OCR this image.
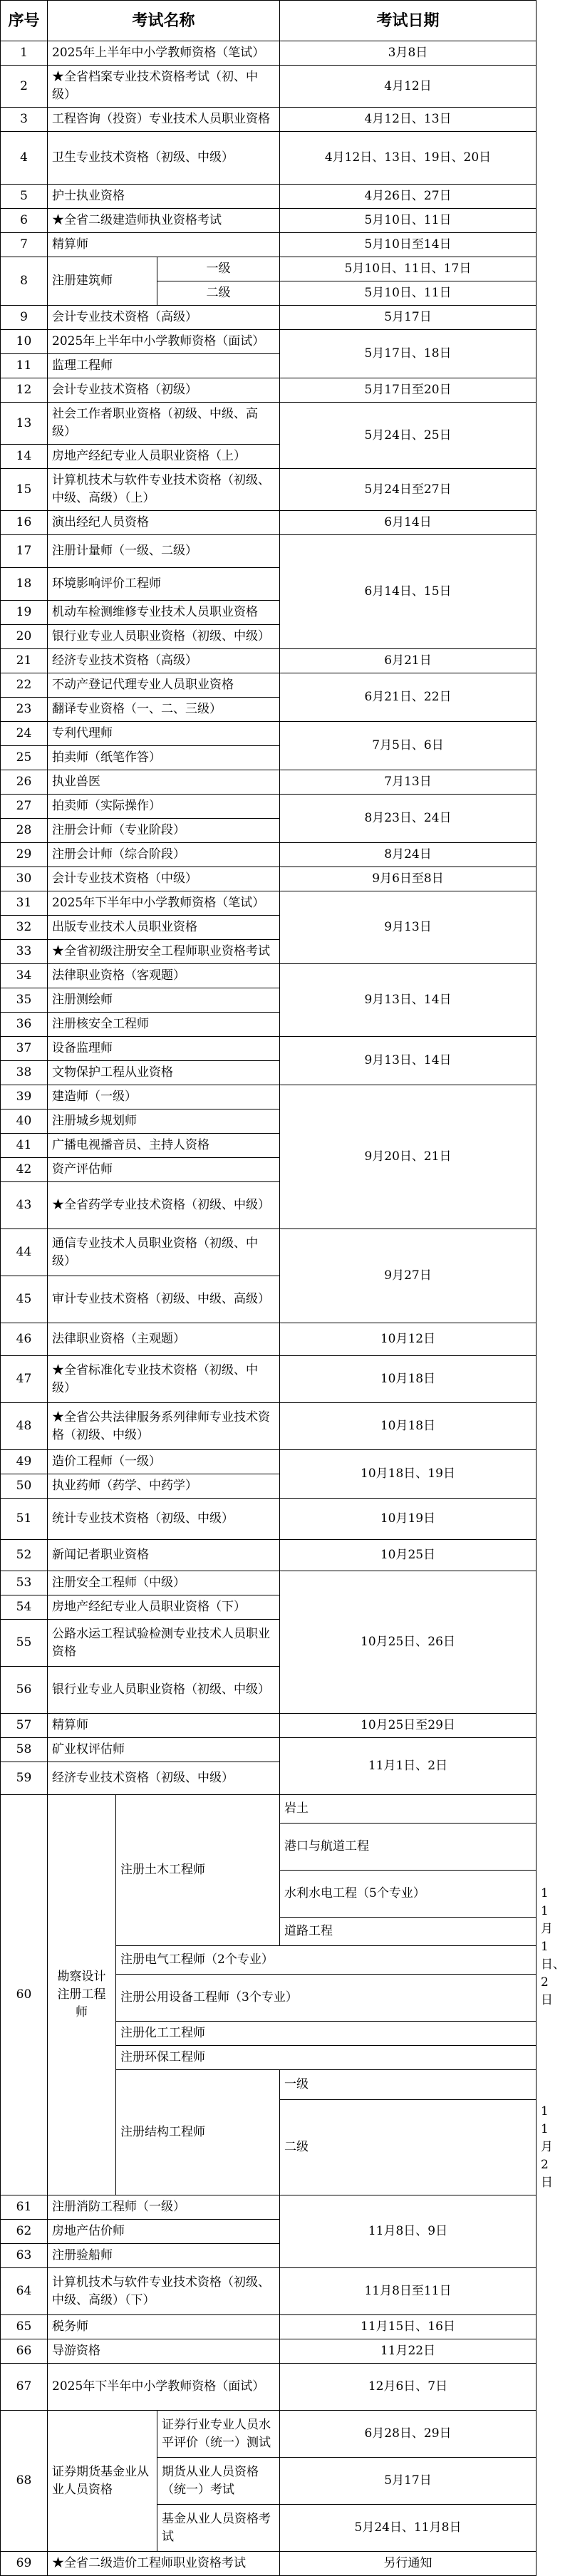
序号	考试名称			考试日期	
1	2025年上半年中小学教师资格（笔试）			3月8日	
2	★全省档案专业技术资格考试（初、中级）			4月12日	
3	工程咨询（投资）专业技术人员职业资格			4月12日、13日	
4	卫生专业技术资格（初级、中级）			4月12日、13日、19日、20日	
5	护士执业资格			4月26日、27日	
6	★全省二级建造师执业资格考试			5月10日、11日	
7	精算师			5月10日至14日	
8	注册建筑师		一级	5月10日、11日、17日	
			二级	5月10日、11日	
9	会计专业技术资格（高级）			5月17日	
10	2025年上半年中小学教师资格（面试）			5月17日、18日	
11	监理工程师				
12	会计专业技术资格（初级）			5月17日至20日	
13	社会工作者职业资格（初级、中级、高级）			5月24日、25日	
14	房地产经纪专业人员职业资格（上）				
15	计算机技术与软件专业技术资格（初级、中级、高级）（上）			5月24日至27日	
16	演出经纪人员资格			6月14日	
17	注册计量师（一级、二级）			6月14日、15日	
18	环境影响评价工程师				
19	机动车检测维修专业技术人员职业资格				
20	银行业专业人员职业资格（初级、中级）				
21	经济专业技术资格（高级）			6月21日	
22	不动产登记代理专业人员职业资格			6月21日、22日	
23	翻译专业资格（一、二、三级）				
24	专利代理师			7月5日、6日	
25	拍卖师（纸笔作答）				
26	执业兽医			7月13日	
27	拍卖师（实际操作）			8月23日、24日	
28	注册会计师（专业阶段）				
29	注册会计师（综合阶段）			8月24日	
30	会计专业技术资格（中级）			9月6日至8日	
31	2025年下半年中小学教师资格（笔试）			9月13日	
32	出版专业技术人员职业资格				
33	★全省初级注册安全工程师职业资格考试				
34	法律职业资格（客观题）			9月13日、14日	
35	注册测绘师				
36	注册核安全工程师				
37	设备监理师			9月13日、14日	
38	文物保护工程从业资格				
39	建造师（一级）			9月20日、21日	
40	注册城乡规划师				
41	广播电视播音员、主持人资格				
42	资产评估师				
43	★全省药学专业技术资格（初级、中级）				
44	通信专业技术人员职业资格（初级、中级）			9月27日	
45	审计专业技术资格（初级、中级、高级）				
46	法律职业资格（主观题）			10月12日	
47	★全省标准化专业技术资格（初级、中级）			10月18日	
48	★全省公共法律服务系列律师专业技术资格（初级、中级）			10月18日	
49	造价工程师（一级）			10月18日、19日	
50	执业药师（药学、中药学）				
51	统计专业技术资格（初级、中级）			10月19日	
52	新闻记者职业资格			10月25日	
53	注册安全工程师（中级）			10月25日、26日	
54	房地产经纪专业人员职业资格（下）				
55	公路水运工程试验检测专业技术人员职业资格				
56	银行业专业人员职业资格（初级、中级）				
57	精算师			10月25日至29日	
58	矿业权评估师			11月1日、2日	
59	经济专业技术资格（初级、中级）				
60	勘察设计注册工程师	注册土木工程师		岩土	11月1日、2日
				港口与航道工程	
				水利水电工程（5个专业）	
				道路工程	
		注册电气工程师（2个专业）			
		注册公用设备工程师（3个专业）			
		注册化工工程师			
		注册环保工程师			
		注册结构工程师		一级	
				二级	11月2日
61	注册消防工程师（一级）			11月8日、9日	
62	房地产估价师				
63	注册验船师				
64	计算机技术与软件专业技术资格（初级、中级、高级）（下）			11月8日至11日	
65	税务师			11月15日、16日	
66	导游资格			11月22日	
67	2025年下半年中小学教师资格（面试）			12月6日、7日	
68	证券期货基金业从业人员资格		证券行业专业人员水平评价（统一）测试	6月28日、29日	
			期货从业人员资格（统一）考试	5月17日	
			基金从业人员资格考试	5月24日、11月8日	
69	★全省二级造价工程师职业资格考试			另行通知	
